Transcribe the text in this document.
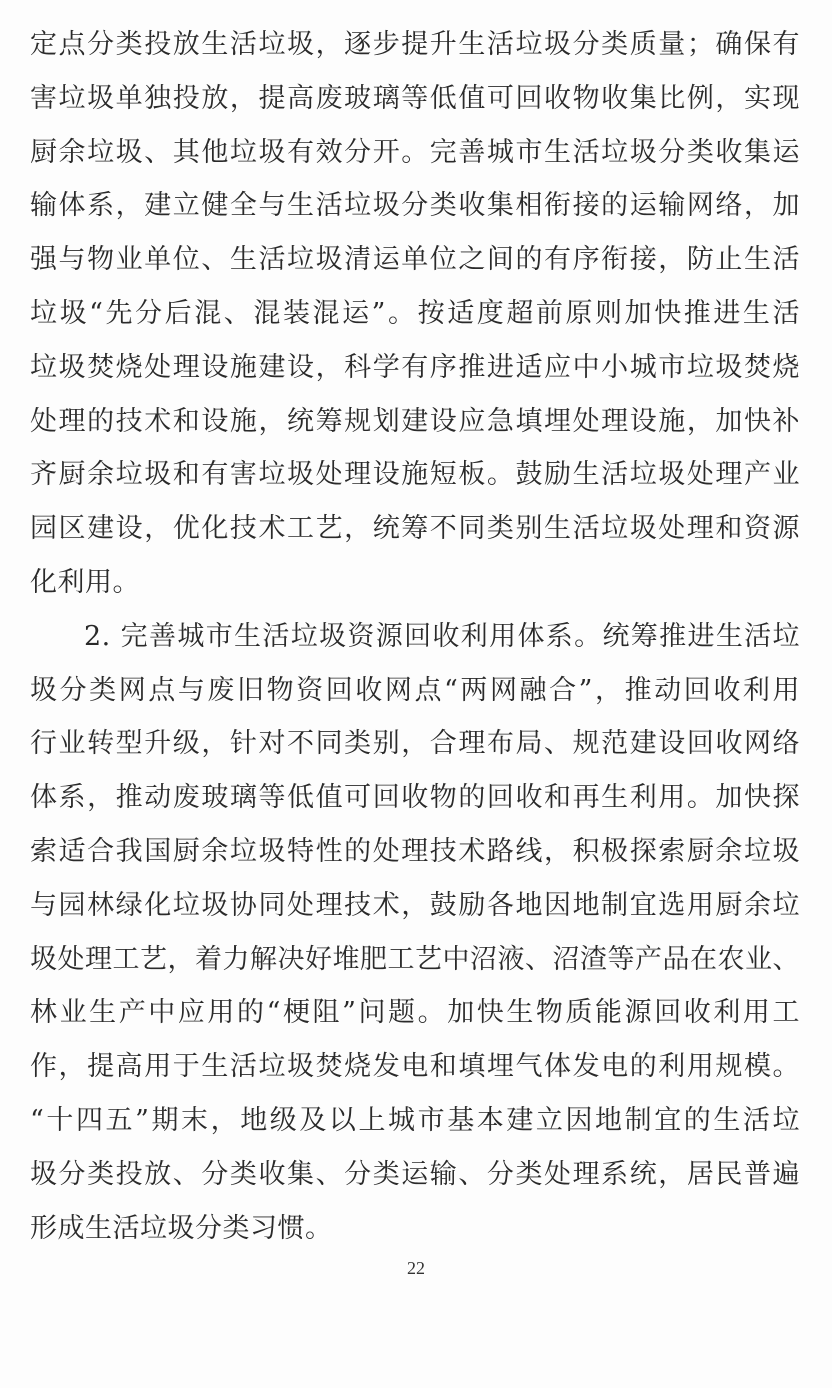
定点分类投放生活垃圾，逐步提升生活垃圾分类质量；确保有
害垃圾单独投放，提高废玻璃等低值可回收物收集比例，实现
厨余垃圾、其他垃圾有效分开。完善城市生活垃圾分类收集运
输体系，建立健全与生活垃圾分类收集相衔接的运输网络，加
强与物业单位、生活垃圾清运单位之间的有序衔接，防止生活
垃圾“先分后混、混装混运”。按适度超前原则加快推进生活
垃圾焚烧处理设施建设，科学有序推进适应中小城市垃圾焚烧
处理的技术和设施，统筹规划建设应急填埋处理设施，加快补
齐厨余垃圾和有害垃圾处理设施短板。鼓励生活垃圾处理产业
园区建设，优化技术工艺，统筹不同类别生活垃圾处理和资源
化利用。
2. 完善城市生活垃圾资源回收利用体系。统筹推进生活垃
圾分类网点与废旧物资回收网点“两网融合”，推动回收利用
行业转型升级，针对不同类别，合理布局、规范建设回收网络
体系，推动废玻璃等低值可回收物的回收和再生利用。加快探
索适合我国厨余垃圾特性的处理技术路线，积极探索厨余垃圾
与园林绿化垃圾协同处理技术，鼓励各地因地制宜选用厨余垃
圾处理工艺，着力解决好堆肥工艺中沼液、沼渣等产品在农业、
林业生产中应用的“梗阻”问题。加快生物质能源回收利用工
作，提高用于生活垃圾焚烧发电和填埋气体发电的利用规模。
“十四五”期末，地级及以上城市基本建立因地制宜的生活垃
圾分类投放、分类收集、分类运输、分类处理系统，居民普遍
形成生活垃圾分类习惯。
22
